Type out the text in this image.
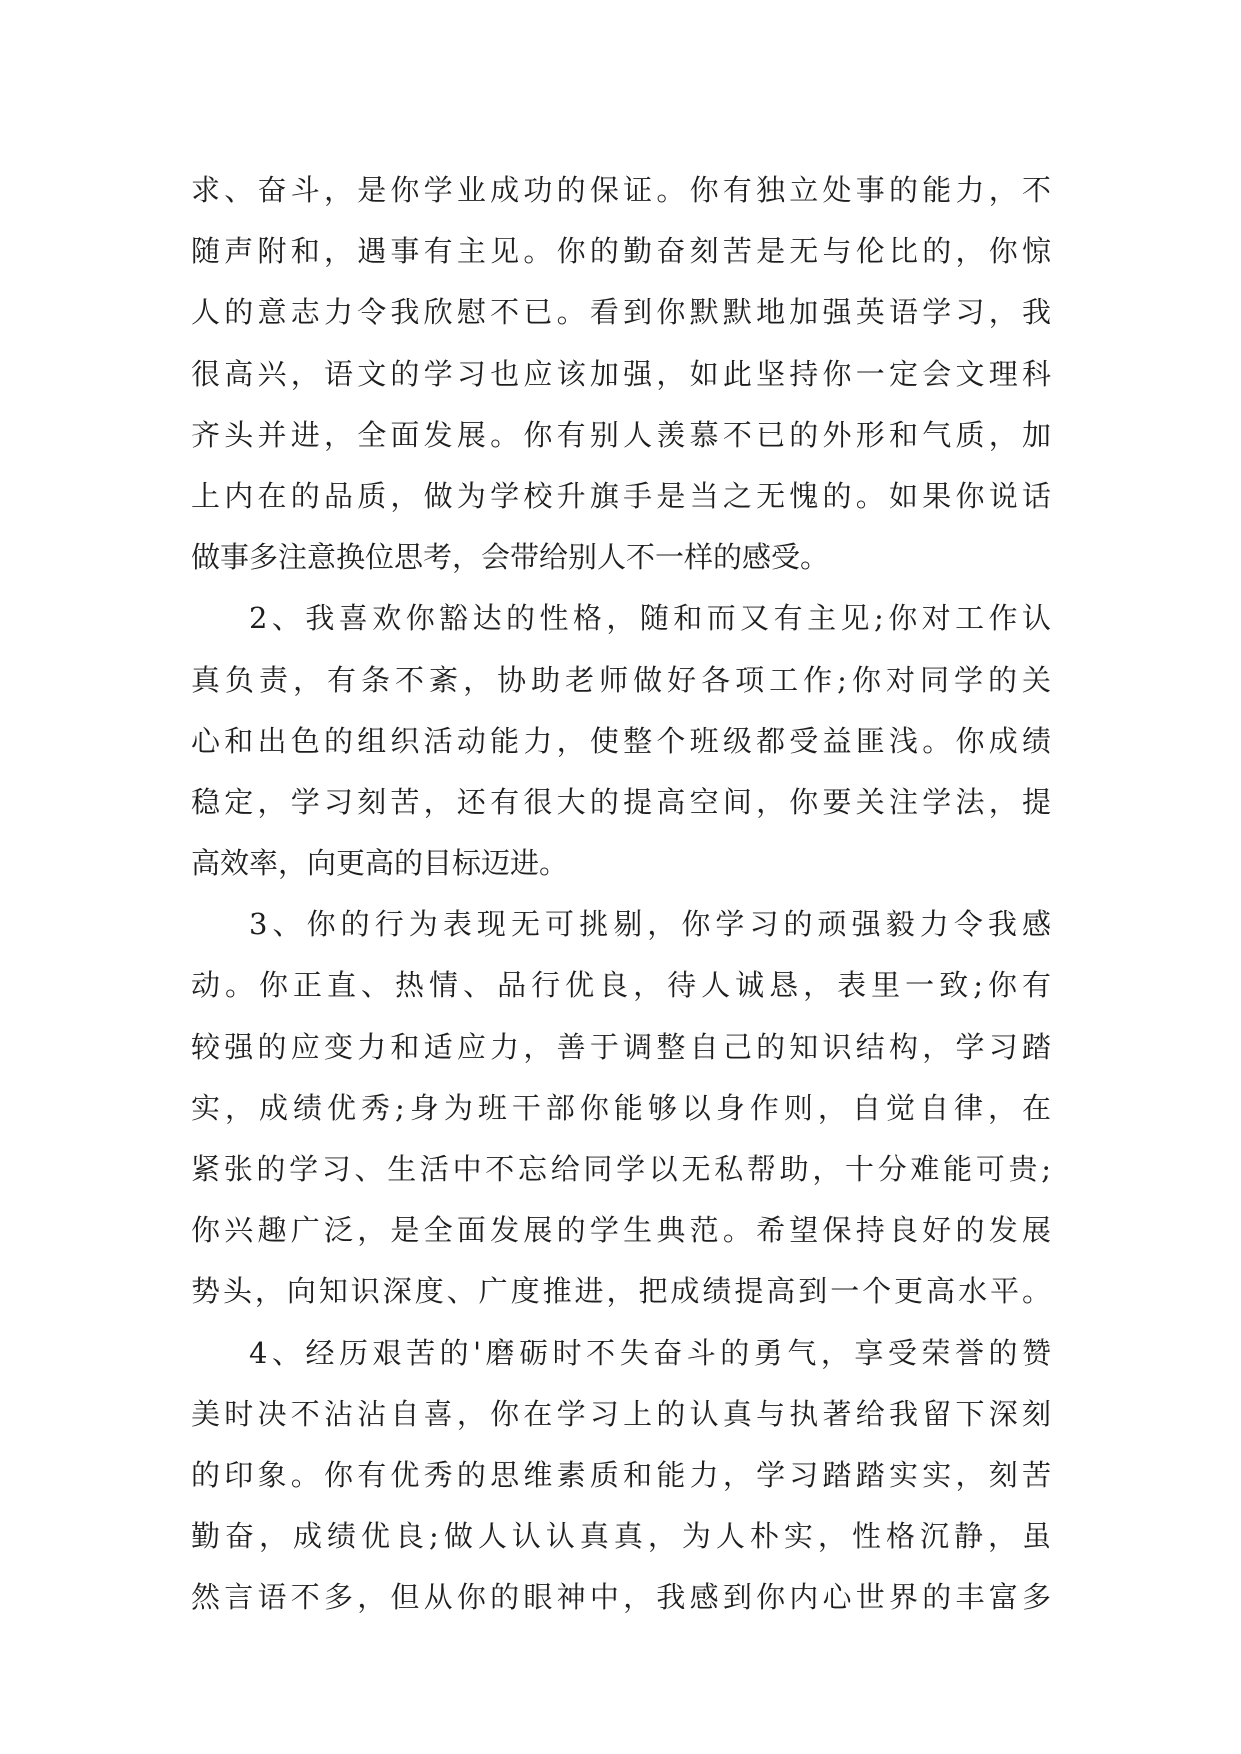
求、奋斗，是你学业成功的保证。你有独立处事的能力，不
随声附和，遇事有主见。你的勤奋刻苦是无与伦比的，你惊
人的意志力令我欣慰不已。看到你默默地加强英语学习，我
很高兴，语文的学习也应该加强，如此坚持你一定会文理科
齐头并进，全面发展。你有别人羡慕不已的外形和气质，加
上内在的品质，做为学校升旗手是当之无愧的。如果你说话
做事多注意换位思考，会带给别人不一样的感受。
2、我喜欢你豁达的性格，随和而又有主见;你对工作认
真负责，有条不紊，协助老师做好各项工作;你对同学的关
心和出色的组织活动能力，使整个班级都受益匪浅。你成绩
稳定，学习刻苦，还有很大的提高空间，你要关注学法，提
高效率，向更高的目标迈进。
3、你的行为表现无可挑剔，你学习的顽强毅力令我感
动。你正直、热情、品行优良，待人诚恳，表里一致;你有
较强的应变力和适应力，善于调整自己的知识结构，学习踏
实，成绩优秀;身为班干部你能够以身作则，自觉自律，在
紧张的学习、生活中不忘给同学以无私帮助，十分难能可贵;
你兴趣广泛，是全面发展的学生典范。希望保持良好的发展
势头，向知识深度、广度推进，把成绩提高到一个更高水平。
4、经历艰苦的'磨砺时不失奋斗的勇气，享受荣誉的赞
美时决不沾沾自喜，你在学习上的认真与执著给我留下深刻
的印象。你有优秀的思维素质和能力，学习踏踏实实，刻苦
勤奋，成绩优良;做人认认真真，为人朴实，性格沉静，虽
然言语不多，但从你的眼神中，我感到你内心世界的丰富多
